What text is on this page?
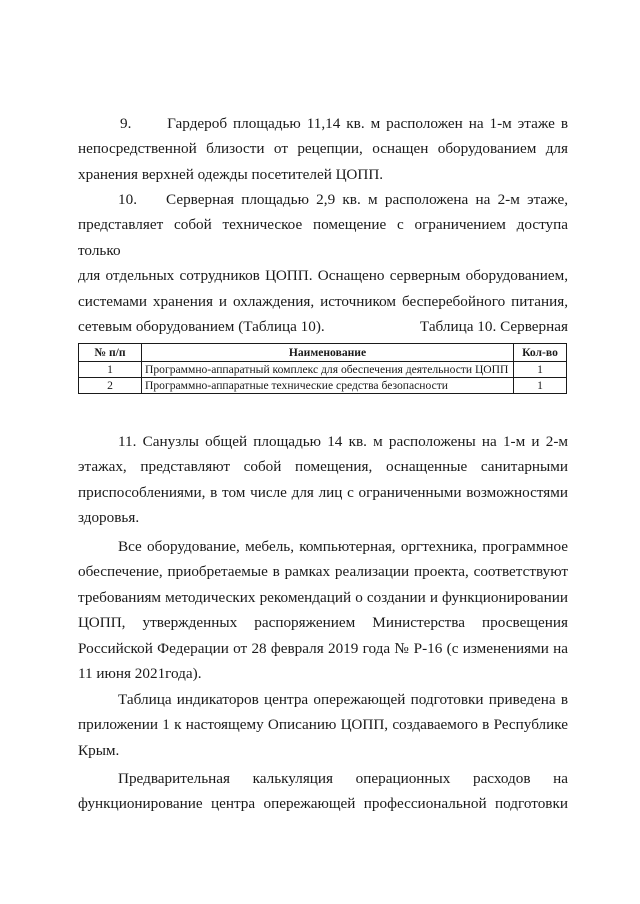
9.      Гардероб площадью 11,14 кв. м расположен на 1-м этаже в
непосредственной близости от рецепции, оснащен оборудованием для
хранения верхней одежды посетителей ЦОПП.
10.    Серверная площадью 2,9 кв. м расположена на 2-м этаже,
представляет собой техническое помещение с ограничением доступа только
для отдельных сотрудников ЦОПП. Оснащено серверным оборудованием,
системами хранения и охлаждения, источником бесперебойного питания,
сетевым оборудованием (Таблица 10).	Таблица 10. Серверная
№ п/п	Наименование	Кол-во
1	Программно-аппаратный комплекс для обеспечения деятельности ЦОПП	1
2	Программно-аппаратные технические средства безопасности	1
11. Санузлы общей площадью 14 кв. м расположены на 1-м и 2-м
этажах, представляют собой помещения, оснащенные санитарными
приспособлениями, в том числе для лиц с ограниченными возможностями
здоровья.
Все оборудование, мебель, компьютерная, оргтехника, программное
обеспечение, приобретаемые в рамках реализации проекта, соответствуют
требованиям методических рекомендаций о создании и функционировании
ЦОПП, утвержденных распоряжением Министерства просвещения
Российской Федерации от 28 февраля 2019 года № Р-16 (с изменениями на
11 июня 2021года).
Таблица индикаторов центра опережающей подготовки приведена в
приложении 1 к настоящему Описанию ЦОПП, создаваемого в Республике
Крым.
Предварительная калькуляция операционных расходов на
функционирование центра опережающей профессиональной подготовки
